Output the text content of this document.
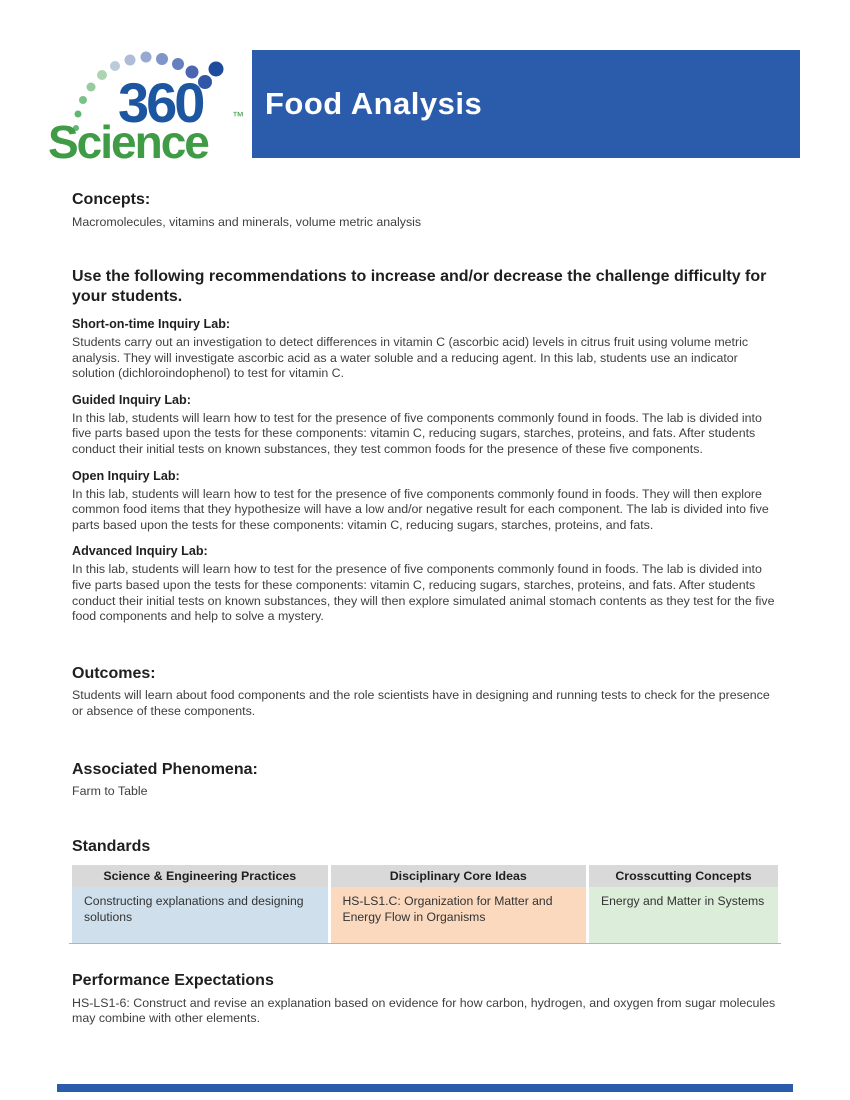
360
Science ™ Food Analysis
Concepts:

Macromolecules, vitamins and minerals, volume metric analysis

Use the following recommendations to increase and/or decrease the challenge difficulty for your students.
Short-on-time Inquiry Lab:

Students carry out an investigation to detect differences in vitamin C (ascorbic acid) levels in citrus fruit using volume metric analysis. They will investigate ascorbic acid as a water soluble and a reducing agent. In this lab, students use an indicator solution (dichloroindophenol) to test for vitamin C.

Guided Inquiry Lab:

In this lab, students will learn how to test for the presence of five components commonly found in foods. The lab is divided into five parts based upon the tests for these components: vitamin C, reducing sugars, starches, proteins, and fats. After students conduct their initial tests on known substances, they test common foods for the presence of these five components.

Open Inquiry Lab:

In this lab, students will learn how to test for the presence of five components commonly found in foods. They will then explore common food items that they hypothesize will have a low and/or negative result for each component. The lab is divided into five parts based upon the tests for these components: vitamin C, reducing sugars, starches, proteins, and fats.

Advanced Inquiry Lab:

In this lab, students will learn how to test for the presence of five components commonly found in foods. The lab is divided into five parts based upon the tests for these components: vitamin C, reducing sugars, starches, proteins, and fats. After students conduct their initial tests on known substances, they will then explore simulated animal stomach contents as they test for the five food components and help to solve a mystery.

Outcomes:

Students will learn about food components and the role scientists have in designing and running tests to check for the presence or absence of these components.

Associated Phenomena:

Farm to Table

Standards
Science & Engineering Practices	Disciplinary Core Ideas	Crosscutting Concepts
Constructing explanations and designing solutions	HS-LS1.C: Organization for Matter and Energy Flow in Organisms	Energy and Matter in Systems
Performance Expectations

HS-LS1-6: Construct and revise an explanation based on evidence for how carbon, hydrogen, and oxygen from sugar molecules may combine with other elements.
